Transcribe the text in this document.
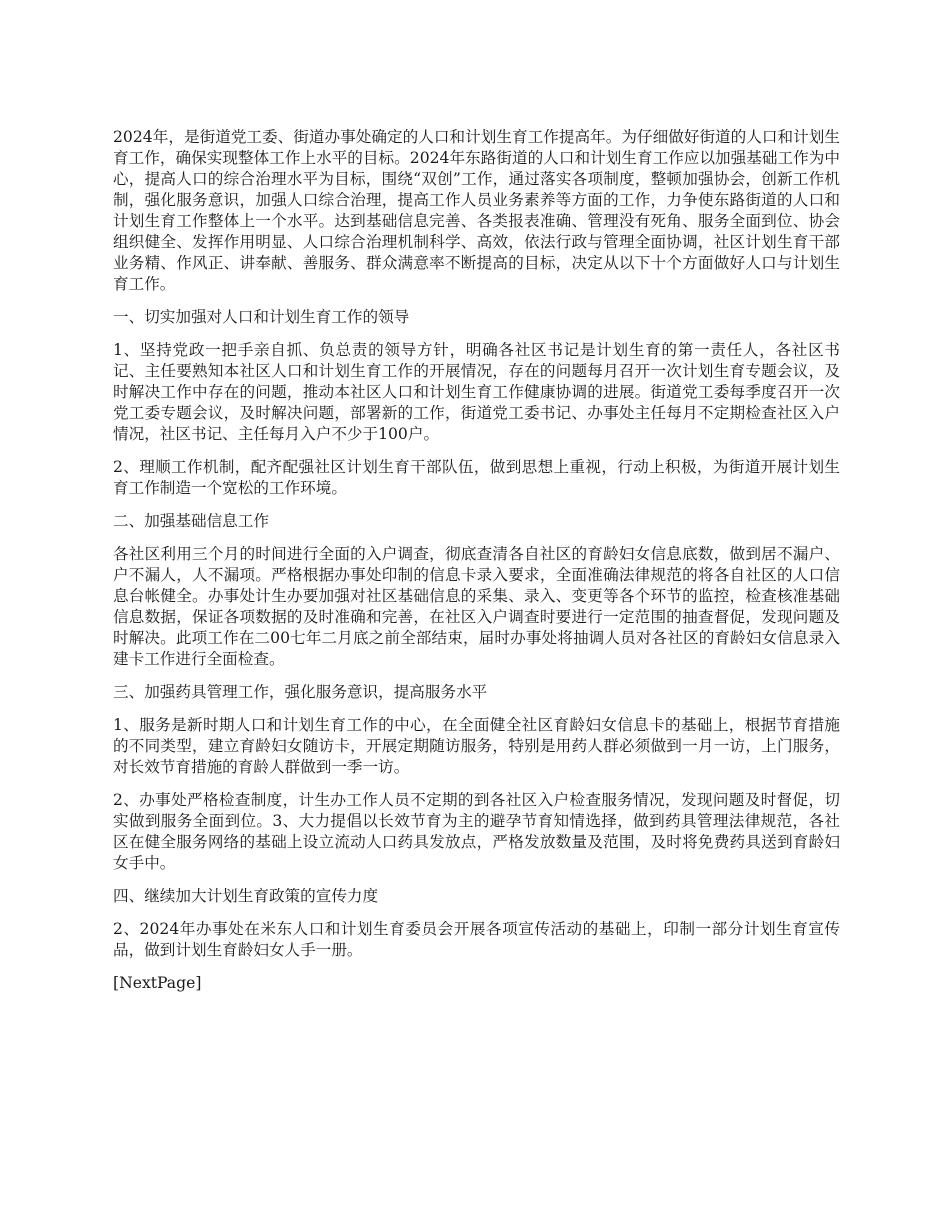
2024年，是街道党工委、街道办事处确定的人口和计划生育工作提高年。为仔细做好街道的人口和计划生育工作，确保实现整体工作上水平的目标。2024年东路街道的人口和计划生育工作应以加强基础工作为中心，提高人口的综合治理水平为目标，围绕“双创”工作，通过落实各项制度，整顿加强协会，创新工作机制，强化服务意识，加强人口综合治理，提高工作人员业务素养等方面的工作，力争使东路街道的人口和计划生育工作整体上一个水平。达到基础信息完善、各类报表准确、管理没有死角、服务全面到位、协会组织健全、发挥作用明显、人口综合治理机制科学、高效，依法行政与管理全面协调，社区计划生育干部业务精、作风正、讲奉献、善服务、群众满意率不断提高的目标，决定从以下十个方面做好人口与计划生育工作。

一、切实加强对人口和计划生育工作的领导

1、坚持党政一把手亲自抓、负总责的领导方针，明确各社区书记是计划生育的第一责任人，各社区书记、主任要熟知本社区人口和计划生育工作的开展情况，存在的问题每月召开一次计划生育专题会议，及时解决工作中存在的问题，推动本社区人口和计划生育工作健康协调的进展。街道党工委每季度召开一次党工委专题会议，及时解决问题，部署新的工作，街道党工委书记、办事处主任每月不定期检查社区入户情况，社区书记、主任每月入户不少于100户。

2、理顺工作机制，配齐配强社区计划生育干部队伍，做到思想上重视，行动上积极，为街道开展计划生育工作制造一个宽松的工作环境。

二、加强基础信息工作

各社区利用三个月的时间进行全面的入户调查，彻底查清各自社区的育龄妇女信息底数，做到居不漏户、户不漏人，人不漏项。严格根据办事处印制的信息卡录入要求，全面准确法律规范的将各自社区的人口信息台帐健全。办事处计生办要加强对社区基础信息的采集、录入、变更等各个环节的监控，检查核准基础信息数据，保证各项数据的及时准确和完善，在社区入户调查时要进行一定范围的抽查督促，发现问题及时解决。此项工作在二00七年二月底之前全部结束，届时办事处将抽调人员对各社区的育龄妇女信息录入建卡工作进行全面检查。

三、加强药具管理工作，强化服务意识，提高服务水平

1、服务是新时期人口和计划生育工作的中心，在全面健全社区育龄妇女信息卡的基础上，根据节育措施的不同类型，建立育龄妇女随访卡，开展定期随访服务，特别是用药人群必须做到一月一访，上门服务，对长效节育措施的育龄人群做到一季一访。

2、办事处严格检查制度，计生办工作人员不定期的到各社区入户检查服务情况，发现问题及时督促，切实做到服务全面到位。3、大力提倡以长效节育为主的避孕节育知情选择，做到药具管理法律规范，各社区在健全服务网络的基础上设立流动人口药具发放点，严格发放数量及范围，及时将免费药具送到育龄妇女手中。

四、继续加大计划生育政策的宣传力度

2、2024年办事处在米东人口和计划生育委员会开展各项宣传活动的基础上，印制一部分计划生育宣传品，做到计划生育龄妇女人手一册。

[NextPage]
